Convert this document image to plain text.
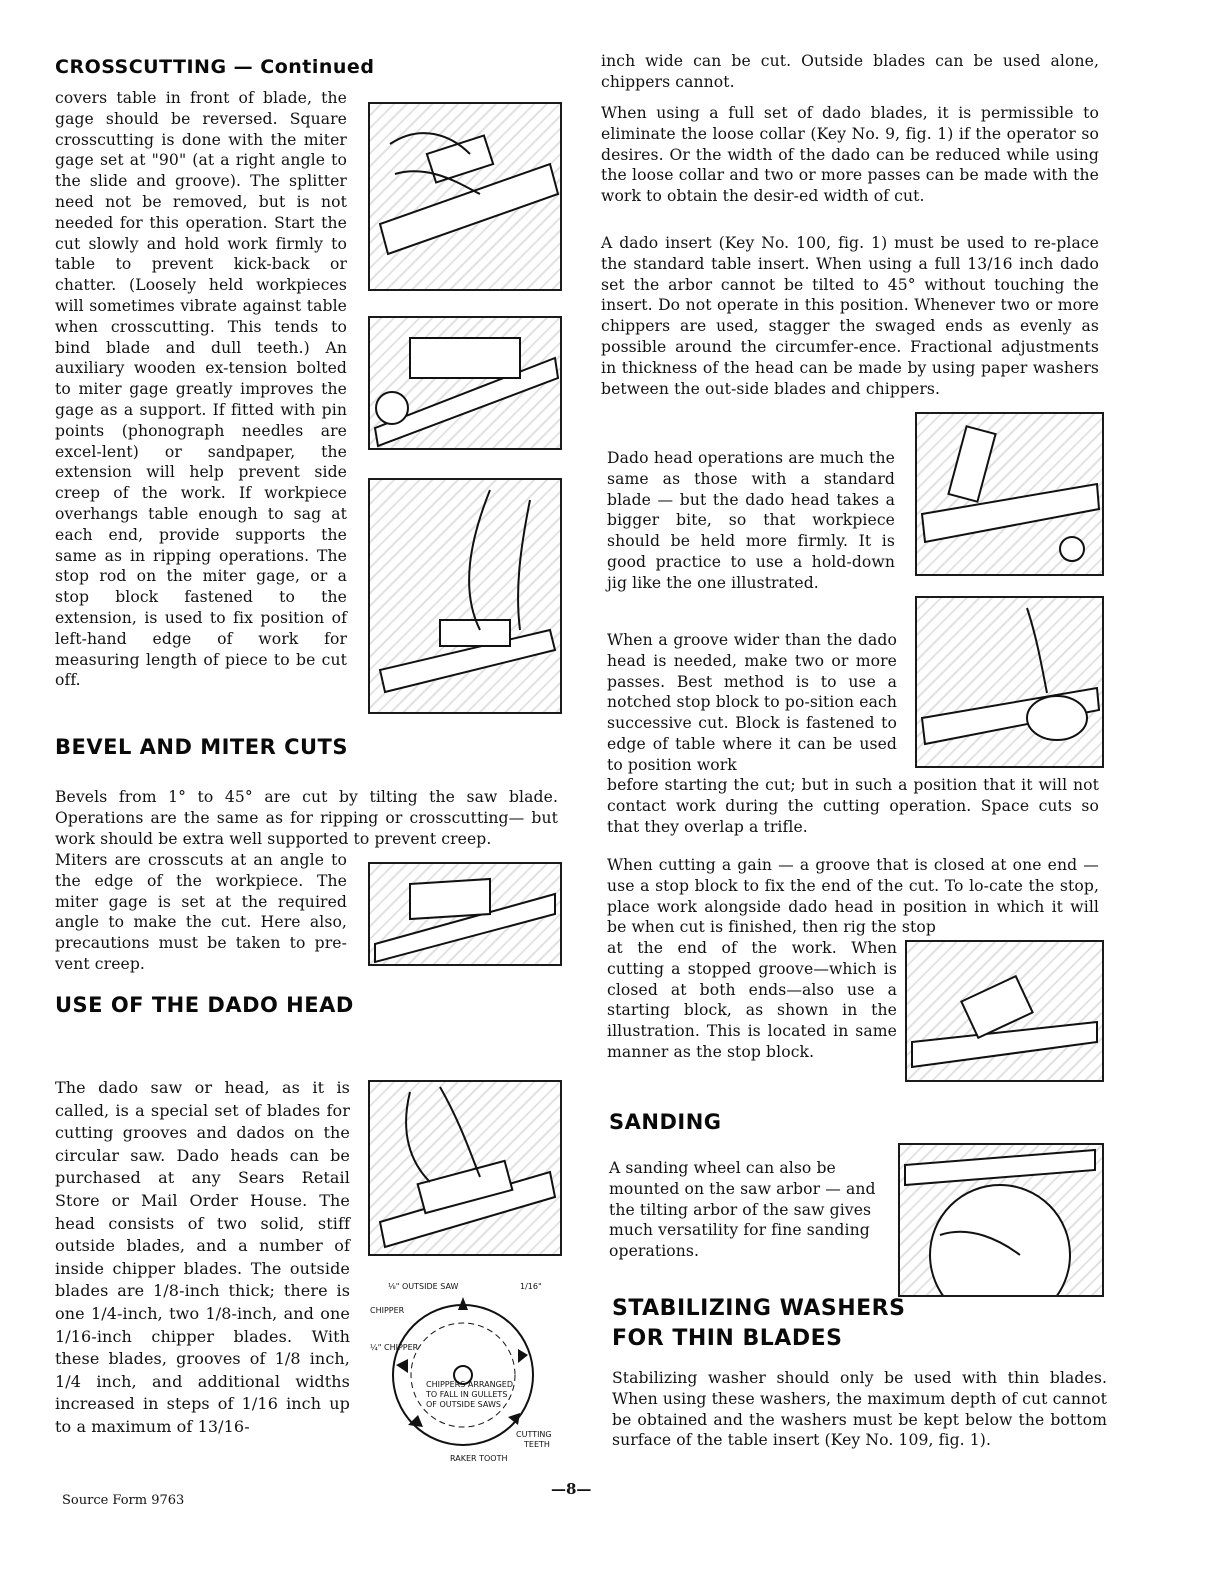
CROSSCUTTING — Continued

covers table in front of blade, the gage should be reversed. Square crosscutting is done with the miter gage set at "90" (at a right angle to the slide and groove). The splitter need not be removed, but is not needed for this operation. Start the cut slowly and hold work firmly to table to prevent kick-back or chatter. (Loosely held workpieces will sometimes vibrate against table when crosscutting. This tends to bind blade and dull teeth.) An auxiliary wooden ex-tension bolted to miter gage greatly improves the gage as a support. If fitted with pin points (phonograph needles are excel-lent) or sandpaper, the extension will help prevent side creep of the work. If workpiece overhangs table enough to sag at each end, provide supports the same as in ripping operations. The stop rod on the miter gage, or a stop block fastened to the extension, is used to fix position of left-hand edge of work for measuring length of piece to be cut off.

BEVEL AND MITER CUTS

Bevels from 1° to 45° are cut by tilting the saw blade. Operations are the same as for ripping or crosscutting— but work should be extra well supported to prevent creep.

Miters are crosscuts at an angle to the edge of the workpiece. The miter gage is set at the required angle to make the cut. Here also, precautions must be taken to pre-vent creep.

USE OF THE DADO HEAD

The dado saw or head, as it is called, is a special set of blades for cutting grooves and dados on the circular saw. Dado heads can be purchased at any Sears Retail Store or Mail Order House. The head consists of two solid, stiff outside blades, and a number of inside chipper blades. The outside blades are 1/8-inch thick; there is one 1/4-inch, two 1/8-inch, and one 1/16-inch chipper blades. With these blades, grooves of 1/8 inch, 1/4 inch, and additional widths increased in steps of 1/16 inch up to a maximum of 13/16-

⅛" OUTSIDE SAW
CHIPPER
1/16"
¼" CHIPPER
CHIPPERS ARRANGED
TO FALL IN GULLETS
OF OUTSIDE SAWS
CUTTING
TEETH
RAKER TOOTH

inch wide can be cut. Outside blades can be used alone, chippers cannot.

When using a full set of dado blades, it is permissible to eliminate the loose collar (Key No. 9, fig. 1) if the operator so desires. Or the width of the dado can be reduced while using the loose collar and two or more passes can be made with the work to obtain the desir-ed width of cut.

A dado insert (Key No. 100, fig. 1) must be used to re-place the standard table insert. When using a full 13/16 inch dado set the arbor cannot be tilted to 45° without touching the insert. Do not operate in this position. Whenever two or more chippers are used, stagger the swaged ends as evenly as possible around the circumfer-ence. Fractional adjustments in thickness of the head can be made by using paper washers between the out-side blades and chippers.

Dado head operations are much the same as those with a standard blade — but the dado head takes a bigger bite, so that workpiece should be held more firmly. It is good practice to use a hold-down jig like the one illustrated.

When a groove wider than the dado head is needed, make two or more passes. Best method is to use a notched stop block to po-sition each successive cut. Block is fastened to edge of table where it can be used to position work

before starting the cut; but in such a position that it will not contact work during the cutting operation. Space cuts so that they overlap a trifle.

When cutting a gain — a groove that is closed at one end — use a stop block to fix the end of the cut. To lo-cate the stop, place work alongside dado head in position in which it will be when cut is finished, then rig the stop

at the end of the work. When cutting a stopped groove—which is closed at both ends—also use a starting block, as shown in the illustration. This is located in same manner as the stop block.

SANDING

A sanding wheel can also be mounted on the saw arbor — and the tilting arbor of the saw gives much versatility for fine sanding operations.

STABILIZING WASHERS
FOR THIN BLADES

Stabilizing washer should only be used with thin blades. When using these washers, the maximum depth of cut cannot be obtained and the washers must be kept below the bottom surface of the table insert (Key No. 109, fig. 1).

Source Form 9763
—8—
